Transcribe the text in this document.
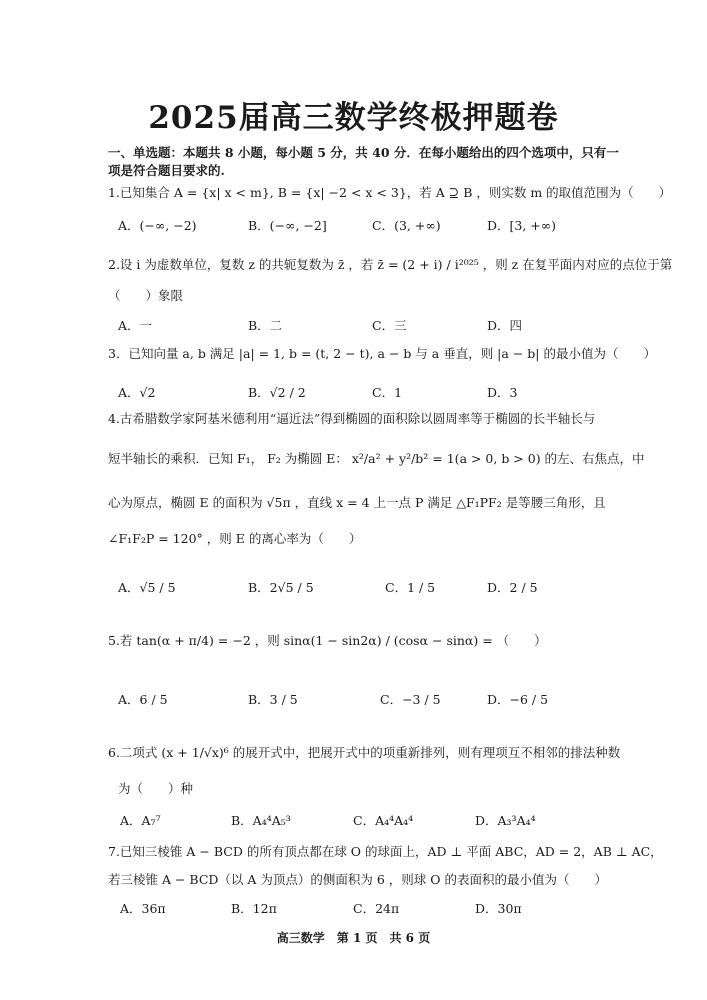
2025届高三数学终极押题卷
一、单选题：本题共 8 小题，每小题 5 分，共 40 分．在每小题给出的四个选项中，只有一
项是符合题目要求的.
1.已知集合 A = {x| x < m}, B = {x| −2 < x < 3}，若 A ⊇ B ，则实数 m 的取值范围为（　　）
A．(−∞, −2)	B．(−∞, −2]	C．(3, +∞)	D．[3, +∞)
2.设 i 为虚数单位，复数 z 的共轭复数为 z̄ ，若 z̄ = (2 + i) / i²⁰²⁵ ，则 z 在复平面内对应的点位于第
（　　）象限
A．一	B．二	C．三	D．四
3．已知向量 a, b 满足 |a| = 1, b = (t, 2 − t), a − b 与 a 垂直，则 |a − b| 的最小值为（　　）
A．√2	B．√2 / 2	C．1	D．3
4.古希腊数学家阿基米德利用“逼近法”得到椭圆的面积除以圆周率等于椭圆的长半轴长与
短半轴长的乘积．已知 F₁， F₂ 为椭圆 E： x²/a² + y²/b² = 1(a > 0, b > 0) 的左、右焦点，中
心为原点，椭圆 E 的面积为 √5π ，直线 x = 4 上一点 P 满足 △F₁PF₂ 是等腰三角形，且
∠F₁F₂P = 120° ，则 E 的离心率为（　　）
A．√5 / 5	B．2√5 / 5	C．1 / 5	D．2 / 5
5.若 tan(α + π/4) = −2 ，则 sinα(1 − sin2α) / (cosα − sinα) = （　　）
A．6 / 5	B．3 / 5	C．−3 / 5	D．−6 / 5
6.二项式 (x + 1/√x)⁶ 的展开式中，把展开式中的项重新排列，则有理项互不相邻的排法种数
为（　　）种
A．A₇⁷	B．A₄⁴A₅³	C．A₄⁴A₄⁴	D．A₃³A₄⁴
7.已知三棱锥 A − BCD 的所有顶点都在球 O 的球面上，AD ⊥ 平面 ABC，AD = 2，AB ⊥ AC，
若三棱锥 A − BCD（以 A 为顶点）的侧面积为 6 ，则球 O 的表面积的最小值为（　　）
A．36π	B．12π	C．24π	D．30π
高三数学　第 1 页　共 6 页
